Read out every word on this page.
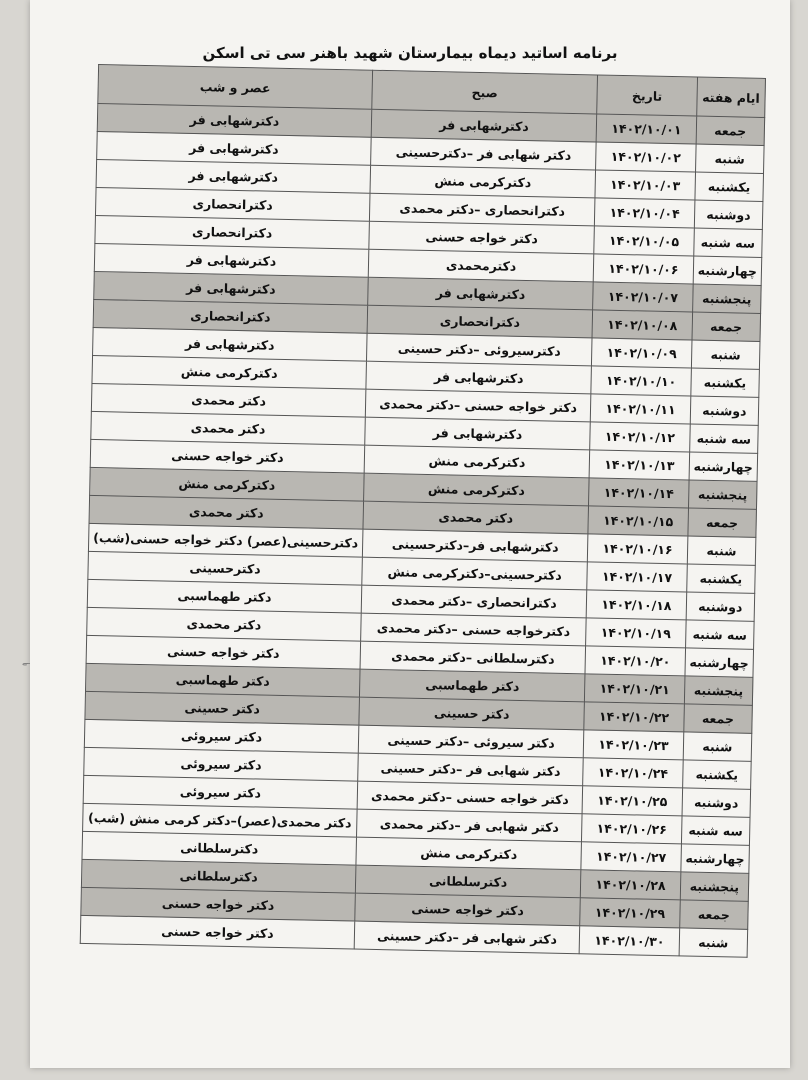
برنامه اساتید دیماه بیمارستان شهید باهنر سی تی اسکن
ایام هفته	تاریخ	صبح	عصر و شب
جمعه	۱۴۰۲/۱۰/۰۱	دکترشهابی فر	دکترشهابی فر
شنبه	۱۴۰۲/۱۰/۰۲	دکتر شهابی فر –دکترحسینی	دکترشهابی فر
یکشنبه	۱۴۰۲/۱۰/۰۳	دکترکرمی منش	دکترشهابی فر
دوشنبه	۱۴۰۲/۱۰/۰۴	دکترانحصاری –دکتر محمدی	دکترانحصاری
سه شنبه	۱۴۰۲/۱۰/۰۵	دکتر خواجه حسنی	دکترانحصاری
چهارشنبه	۱۴۰۲/۱۰/۰۶	دکترمحمدی	دکترشهابی فر
پنجشنبه	۱۴۰۲/۱۰/۰۷	دکترشهابی فر	دکترشهابی فر
جمعه	۱۴۰۲/۱۰/۰۸	دکترانحصاری	دکترانحصاری
شنبه	۱۴۰۲/۱۰/۰۹	دکترسیروئی –دکتر حسینی	دکترشهابی فر
یکشنبه	۱۴۰۲/۱۰/۱۰	دکترشهابی فر	دکترکرمی منش
دوشنبه	۱۴۰۲/۱۰/۱۱	دکتر خواجه حسنی –دکتر محمدی	دکتر محمدی
سه شنبه	۱۴۰۲/۱۰/۱۲	دکترشهابی فر	دکتر محمدی
چهارشنبه	۱۴۰۲/۱۰/۱۳	دکترکرمی منش	دکتر خواجه حسنی
پنجشنبه	۱۴۰۲/۱۰/۱۴	دکترکرمی منش	دکترکرمی منش
جمعه	۱۴۰۲/۱۰/۱۵	دکتر محمدی	دکتر محمدی
شنبه	۱۴۰۲/۱۰/۱۶	دکترشهابی فر–دکترحسینی	دکترحسینی(عصر) دکتر خواجه حسنی(شب)
یکشنبه	۱۴۰۲/۱۰/۱۷	دکترحسینی–دکترکرمی منش	دکترحسینی
دوشنبه	۱۴۰۲/۱۰/۱۸	دکترانحصاری –دکتر محمدی	دکتر طهماسبی
سه شنبه	۱۴۰۲/۱۰/۱۹	دکترخواجه حسنی –دکتر محمدی	دکتر محمدی
چهارشنبه	۱۴۰۲/۱۰/۲۰	دکترسلطانی –دکتر محمدی	دکتر خواجه حسنی
پنجشنبه	۱۴۰۲/۱۰/۲۱	دکتر طهماسبی	دکتر طهماسبی
جمعه	۱۴۰۲/۱۰/۲۲	دکتر حسینی	دکتر حسینی
شنبه	۱۴۰۲/۱۰/۲۳	دکتر سیروئی –دکتر حسینی	دکتر سیروئی
یکشنبه	۱۴۰۲/۱۰/۲۴	دکتر شهابی فر –دکتر حسینی	دکتر سیروئی
دوشنبه	۱۴۰۲/۱۰/۲۵	دکتر خواجه حسنی –دکتر محمدی	دکتر سیروئی
سه شنبه	۱۴۰۲/۱۰/۲۶	دکتر شهابی فر –دکتر محمدی	دکتر محمدی(عصر)–دکتر کرمی منش (شب)
چهارشنبه	۱۴۰۲/۱۰/۲۷	دکترکرمی منش	دکترسلطانی
پنجشنبه	۱۴۰۲/۱۰/۲۸	دکترسلطانی	دکترسلطانی
جمعه	۱۴۰۲/۱۰/۲۹	دکتر خواجه حسنی	دکتر خواجه حسنی
شنبه	۱۴۰۲/۱۰/۳۰	دکتر شهابی فر –دکتر حسینی	دکتر خواجه حسنی
ـے
